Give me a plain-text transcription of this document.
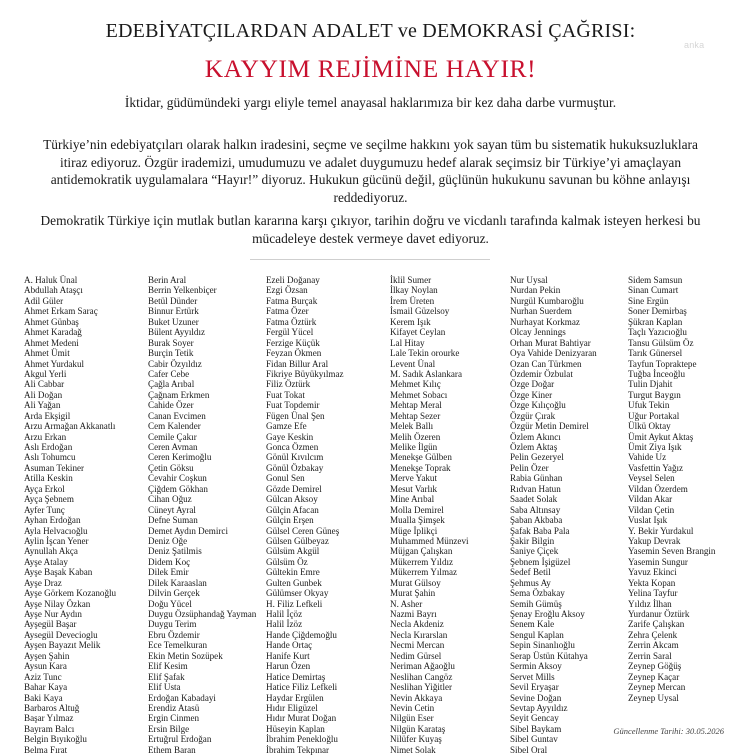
anka
EDEBİYATÇILARDAN ADALET ve DEMOKRASİ ÇAĞRISI:
KAYYIM REJİMİNE HAYIR!
İktidar, güdümündeki yargı eliyle temel anayasal haklarımıza bir kez daha darbe vurmuştur.
Türkiye’nin edebiyatçıları olarak halkın iradesini, seçme ve seçilme hakkını yok sayan tüm bu sistematik hukuksuzluklara itiraz ediyoruz. Özgür irademizi, umudumuzu ve adalet duygumuzu hedef alarak seçimsiz bir Türkiye’yi amaçlayan antidemokratik uygulamalara “Hayır!” diyoruz. Hukukun gücünü değil, güçlünün hukukunu savunan bu köhne anlayışı reddediyoruz.
Demokratik Türkiye için mutlak butlan kararına karşı çıkıyor, tarihin doğru ve vicdanlı tarafında kalmak isteyen herkesi bu mücadeleye destek vermeye davet ediyoruz.
A. Haluk Ünal
Abdullah Ataşçı
Adil Güler
Ahmet Erkam Saraç
Ahmet Günbaş
Ahmet Karadağ
Ahmet Medeni
Ahmet Ümit
Ahmet Yurdakul
Akgul Yerli
Ali Cabbar
Ali Doğan
Ali Yağan
Arda Ekşigil
Arzu Armağan Akkanatlı
Arzu Erkan
Aslı Erdoğan
Aslı Tohumcu
Asuman Tekiner
Atilla Keskin
Ayça Erkol
Ayça Şebnem
Ayfer Tunç
Ayhan Erdoğan
Ayla Helvacıoğlu
Aylin İşcan Yener
Aynullah Akça
Ayşe Atalay
Ayşe Başak Kaban
Ayşe Draz
Ayşe Görkem Kozanoğlu
Ayşe Nilay Özkan
Ayşe Nur Aydın
Ayşegül Başar
Aysegül Devecioglu
Ayşen Bayazıt Melik
Ayşen Şahin
Aysun Kara
Aziz Tunc
Bahar Kaya
Baki Kaya
Barbaros Altuğ
Başar Yılmaz
Bayram Balcı
Belgin Bıyıkoğlu
Belma Fırat
Berin Aral
Berrin Yelkenbiçer
Betül Dünder
Binnur Ertürk
Buket Uzuner
Bülent Ayyıldız
Burak Soyer
Burçin Tetik
Cabir Özyıldız
Cafer Cebe
Çağla Arıbal
Çağnam Erkmen
Cahide Özer
Canan Evcimen
Cem Kalender
Cemile Çakır
Ceren Avman
Ceren Kerimoğlu
Çetin Göksu
Cevahir Coşkun
Çiğdem Gökhan
Cihan Oğuz
Cüneyt Ayral
Defne Suman
Demet Aydın Demirci
Deniz Oğe
Deniz Şatilmis
Didem Koç
Dilek Emir
Dilek Karaaslan
Dilvin Gerçek
Doğu Yücel
Duygu Özsüphandağ Yayman
Duygu Terim
Ebru Özdemir
Ece Temelkuran
Ekin Metin Sozüpek
Elif Kesim
Elif Şafak
Elif Usta
Erdoğan Kabadayi
Erendiz Atasü
Ergin Cinmen
Ersin Bilge
Ertuğrul Erdoğan
Ethem Baran
Ezeli Doğanay
Ezgi Özsan
Fatma Burçak
Fatma Özer
Fatma Öztürk
Fergül Yücel
Ferzige Küçük
Feyzan Ökmen
Fidan Billur Aral
Fikriye Büyükyılmaz
Filiz Öztürk
Fuat Tokat
Fuat Topdemir
Fügen Ünal Şen
Gamze Efe
Gaye Keskin
Gonca Özmen
Gönül Kıvılcım
Gönül Özbakay
Gonul Sen
Gözde Demirel
Gülcan Aksoy
Gülçin Afacan
Gülçin Erşen
Gülsel Ceren Güneş
Gülsen Gülbeyaz
Gülsüm Akgül
Gülsüm Öz
Gültekin Emre
Gulten Gunbek
Gülümser Okyay
H. Filiz Lefkeli
Halil İçöz
Halil İzöz
Hande Çiğdemoğlu
Hande Ortaç
Hanife Kurt
Harun Özen
Hatice Demirtaş
Hatice Filiz Lefkeli
Haydar Ergülen
Hıdır Eligüzel
Hıdır Murat Doğan
Hüseyin Kaplan
İbrahim Penekloğlu
İbrahim Tekpınar
İklil Sumer
İlkay Noylan
İrem Üreten
İsmail Güzelsoy
Kerem Işık
Kifayet Ceylan
Lal Hitay
Lale Tekin orourke
Levent Ünal
M. Sadık Aslankara
Mehmet Kılıç
Mehmet Sobacı
Mehtap Meral
Mehtap Sezer
Melek Ballı
Melih Özeren
Melike İlgün
Menekşe Gülben
Menekşe Toprak
Merve Yakut
Mesut Varlık
Mine Arıbal
Molla Demirel
Mualla Şimşek
Müge İplikçi
Muhammed Münzevi
Müjgan Çalışkan
Mükerrem Yıldız
Mükerrem Yılmaz
Murat Gülsoy
Murat Şahin
N. Asher
Nazmi Bayrı
Necla Akdeniz
Necla Kırarslan
Necmi Mercan
Nedim Gürsel
Neriman Ağaoğlu
Neslihan Cangöz
Neslihan Yiğitler
Nevin Akkaya
Nevin Cetin
Nilgün Eser
Nilgün Karataş
Nilüfer Kuyaş
Nimet Solak
Nur Uysal
Nurdan Pekin
Nurgül Kumbaroğlu
Nurhan Suerdem
Nurhayat Korkmaz
Olcay Jennings
Orhan Murat Bahtiyar
Oya Vahide Denizyaran
Ozan Can Türkmen
Özdemir Özbulat
Özge Doğar
Özge Kiner
Özge Kılıçoğlu
Özgür Çırak
Özgür Metin Demirel
Özlem Akıncı
Özlem Aktaş
Pelin Gezeryel
Pelin Özer
Rabia Günhan
Rıdvan Hatun
Saadet Solak
Saba Altınsay
Şaban Akbaba
Şafak Baba Pala
Şakir Bilgin
Saniye Çiçek
Şebnem İşigüzel
Sedef Betil
Şehmus Ay
Sema Özbakay
Semih Gümüş
Şenay Eroğlu Aksoy
Senem Kale
Sengul Kaplan
Sepin Sinanlıoğlu
Serap Üstün Kütahya
Sermin Aksoy
Servet Mills
Sevil Eryaşar
Sevine Doğan
Sevtap Ayyıldız
Seyit Gencay
Sibel Baykam
Sibel Guntav
Sibel Oral
Sidem Samsun
Sinan Cumart
Sine Ergün
Soner Demirbaş
Şükran Kaplan
Taçlı Yazıcıoğlu
Tansu Gülsüm Öz
Tarık Günersel
Tayfun Topraktepe
Tuğba İnceoğlu
Tulin Djahit
Turgut Baygın
Ufuk Tekin
Uğur Portakal
Ülkü Oktay
Ümit Aykut Aktaş
Ümit Ziya Işık
Vahide Uz
Vasfettin Yağız
Veysel Selen
Vildan Özerdem
Vildan Akar
Vildan Çetin
Vuslat Işık
Y. Bekir Yurdakul
Yakup Devrak
Yasemin Seven Brangin
Yasemin Sungur
Yavuz Ekinci
Yekta Kopan
Yelina Tayfur
Yıldız İlhan
Yurdanur Öztürk
Zarife Çalışkan
Zehra Çelenk
Zerrin Akcam
Zerrin Saral
Zeynep Göğüş
Zeynep Kaçar
Zeynep Mercan
Zeynep Uysal
Güncellenme Tarihi: 30.05.2026
